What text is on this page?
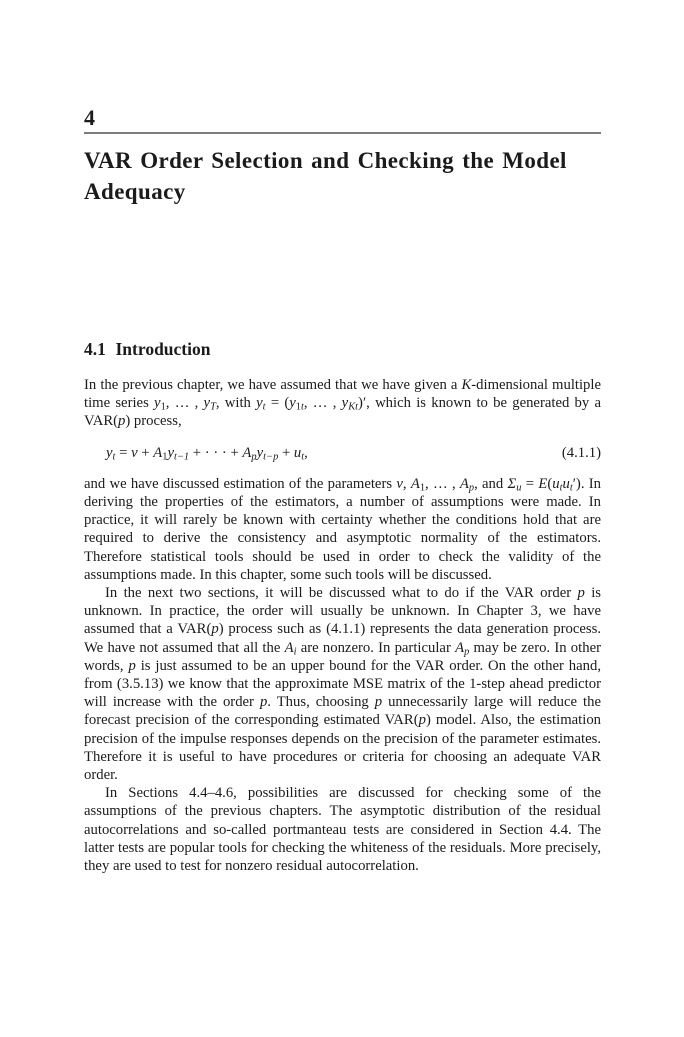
4
VAR Order Selection and Checking the Model Adequacy
4.1 Introduction

In the previous chapter, we have assumed that we have given a K-dimensional multiple time series y1, … , yT, with yt = (y1t, … , yKt)′, which is known to be generated by a VAR(p) process,

yt = ν + A1yt−1 + · · · + Apyt−p + ut,	(4.1.1)

and we have discussed estimation of the parameters ν, A1, … , Ap, and Σu = E(utut′). In deriving the properties of the estimators, a number of assumptions were made. In practice, it will rarely be known with certainty whether the conditions hold that are required to derive the consistency and asymptotic normality of the estimators. Therefore statistical tools should be used in order to check the validity of the assumptions made. In this chapter, some such tools will be discussed.

In the next two sections, it will be discussed what to do if the VAR order p is unknown. In practice, the order will usually be unknown. In Chapter 3, we have assumed that a VAR(p) process such as (4.1.1) represents the data generation process. We have not assumed that all the Ai are nonzero. In particular Ap may be zero. In other words, p is just assumed to be an upper bound for the VAR order. On the other hand, from (3.5.13) we know that the approximate MSE matrix of the 1-step ahead predictor will increase with the order p. Thus, choosing p unnecessarily large will reduce the forecast precision of the corresponding estimated VAR(p) model. Also, the estimation precision of the impulse responses depends on the precision of the parameter estimates. Therefore it is useful to have procedures or criteria for choosing an adequate VAR order.

In Sections 4.4–4.6, possibilities are discussed for checking some of the assumptions of the previous chapters. The asymptotic distribution of the residual autocorrelations and so-called portmanteau tests are considered in Section 4.4. The latter tests are popular tools for checking the whiteness of the residuals. More precisely, they are used to test for nonzero residual autocorrelation.
